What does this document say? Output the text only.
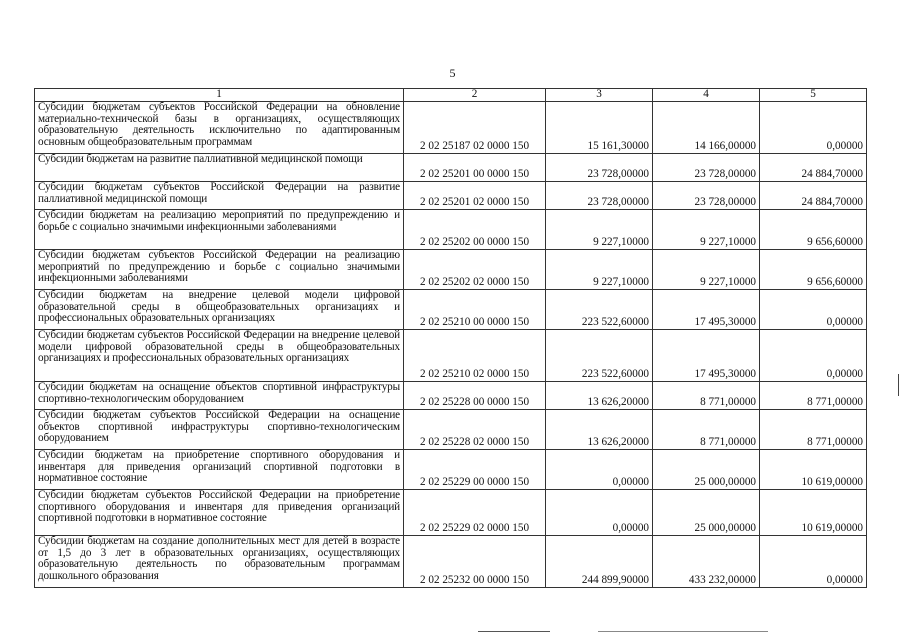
5
1	2	3	4	5
Субсидии бюджетам субъектов Российской Федерации на обновление материально-технической базы в организациях, осуществляющих образовательную деятельность исключительно по адаптированным основным общеобразовательным программам	2 02 25187 02 0000 150	15 161,30000	14 166,00000	0,00000
Субсидии бюджетам на развитие паллиативной медицинской помощи	2 02 25201 00 0000 150	23 728,00000	23 728,00000	24 884,70000
Субсидии бюджетам субъектов Российской Федерации на развитие паллиативной медицинской помощи	2 02 25201 02 0000 150	23 728,00000	23 728,00000	24 884,70000
Субсидии бюджетам на реализацию мероприятий по предупреждению и борьбе с социально значимыми инфекционными заболеваниями	2 02 25202 00 0000 150	9 227,10000	9 227,10000	9 656,60000
Субсидии бюджетам субъектов Российской Федерации на реализацию мероприятий по предупреждению и борьбе с социально значимыми инфекционными заболеваниями	2 02 25202 02 0000 150	9 227,10000	9 227,10000	9 656,60000
Субсидии бюджетам на внедрение целевой модели цифровой образовательной среды в общеобразовательных организациях и профессиональных образовательных организациях	2 02 25210 00 0000 150	223 522,60000	17 495,30000	0,00000
Субсидии бюджетам субъектов Российской Федерации на внедрение целевой модели цифровой образовательной среды в общеобразовательных организациях и профессиональных образовательных организациях	2 02 25210 02 0000 150	223 522,60000	17 495,30000	0,00000
Субсидии бюджетам на оснащение объектов спортивной инфраструктуры спортивно-технологическим оборудованием	2 02 25228 00 0000 150	13 626,20000	8 771,00000	8 771,00000
Субсидии бюджетам субъектов Российской Федерации на оснащение объектов спортивной инфраструктуры спортивно-технологическим оборудованием	2 02 25228 02 0000 150	13 626,20000	8 771,00000	8 771,00000
Субсидии бюджетам на приобретение спортивного оборудования и инвентаря для приведения организаций спортивной подготовки в нормативное состояние	2 02 25229 00 0000 150	0,00000	25 000,00000	10 619,00000
Субсидии бюджетам субъектов Российской Федерации на приобретение спортивного оборудования и инвентаря для приведения организаций спортивной подготовки в нормативное состояние	2 02 25229 02 0000 150	0,00000	25 000,00000	10 619,00000
Субсидии бюджетам на создание дополнительных мест для детей в возрасте от 1,5 до 3 лет в образовательных организациях, осуществляющих образовательную деятельность по образовательным программам дошкольного образования	2 02 25232 00 0000 150	244 899,90000	433 232,00000	0,00000
